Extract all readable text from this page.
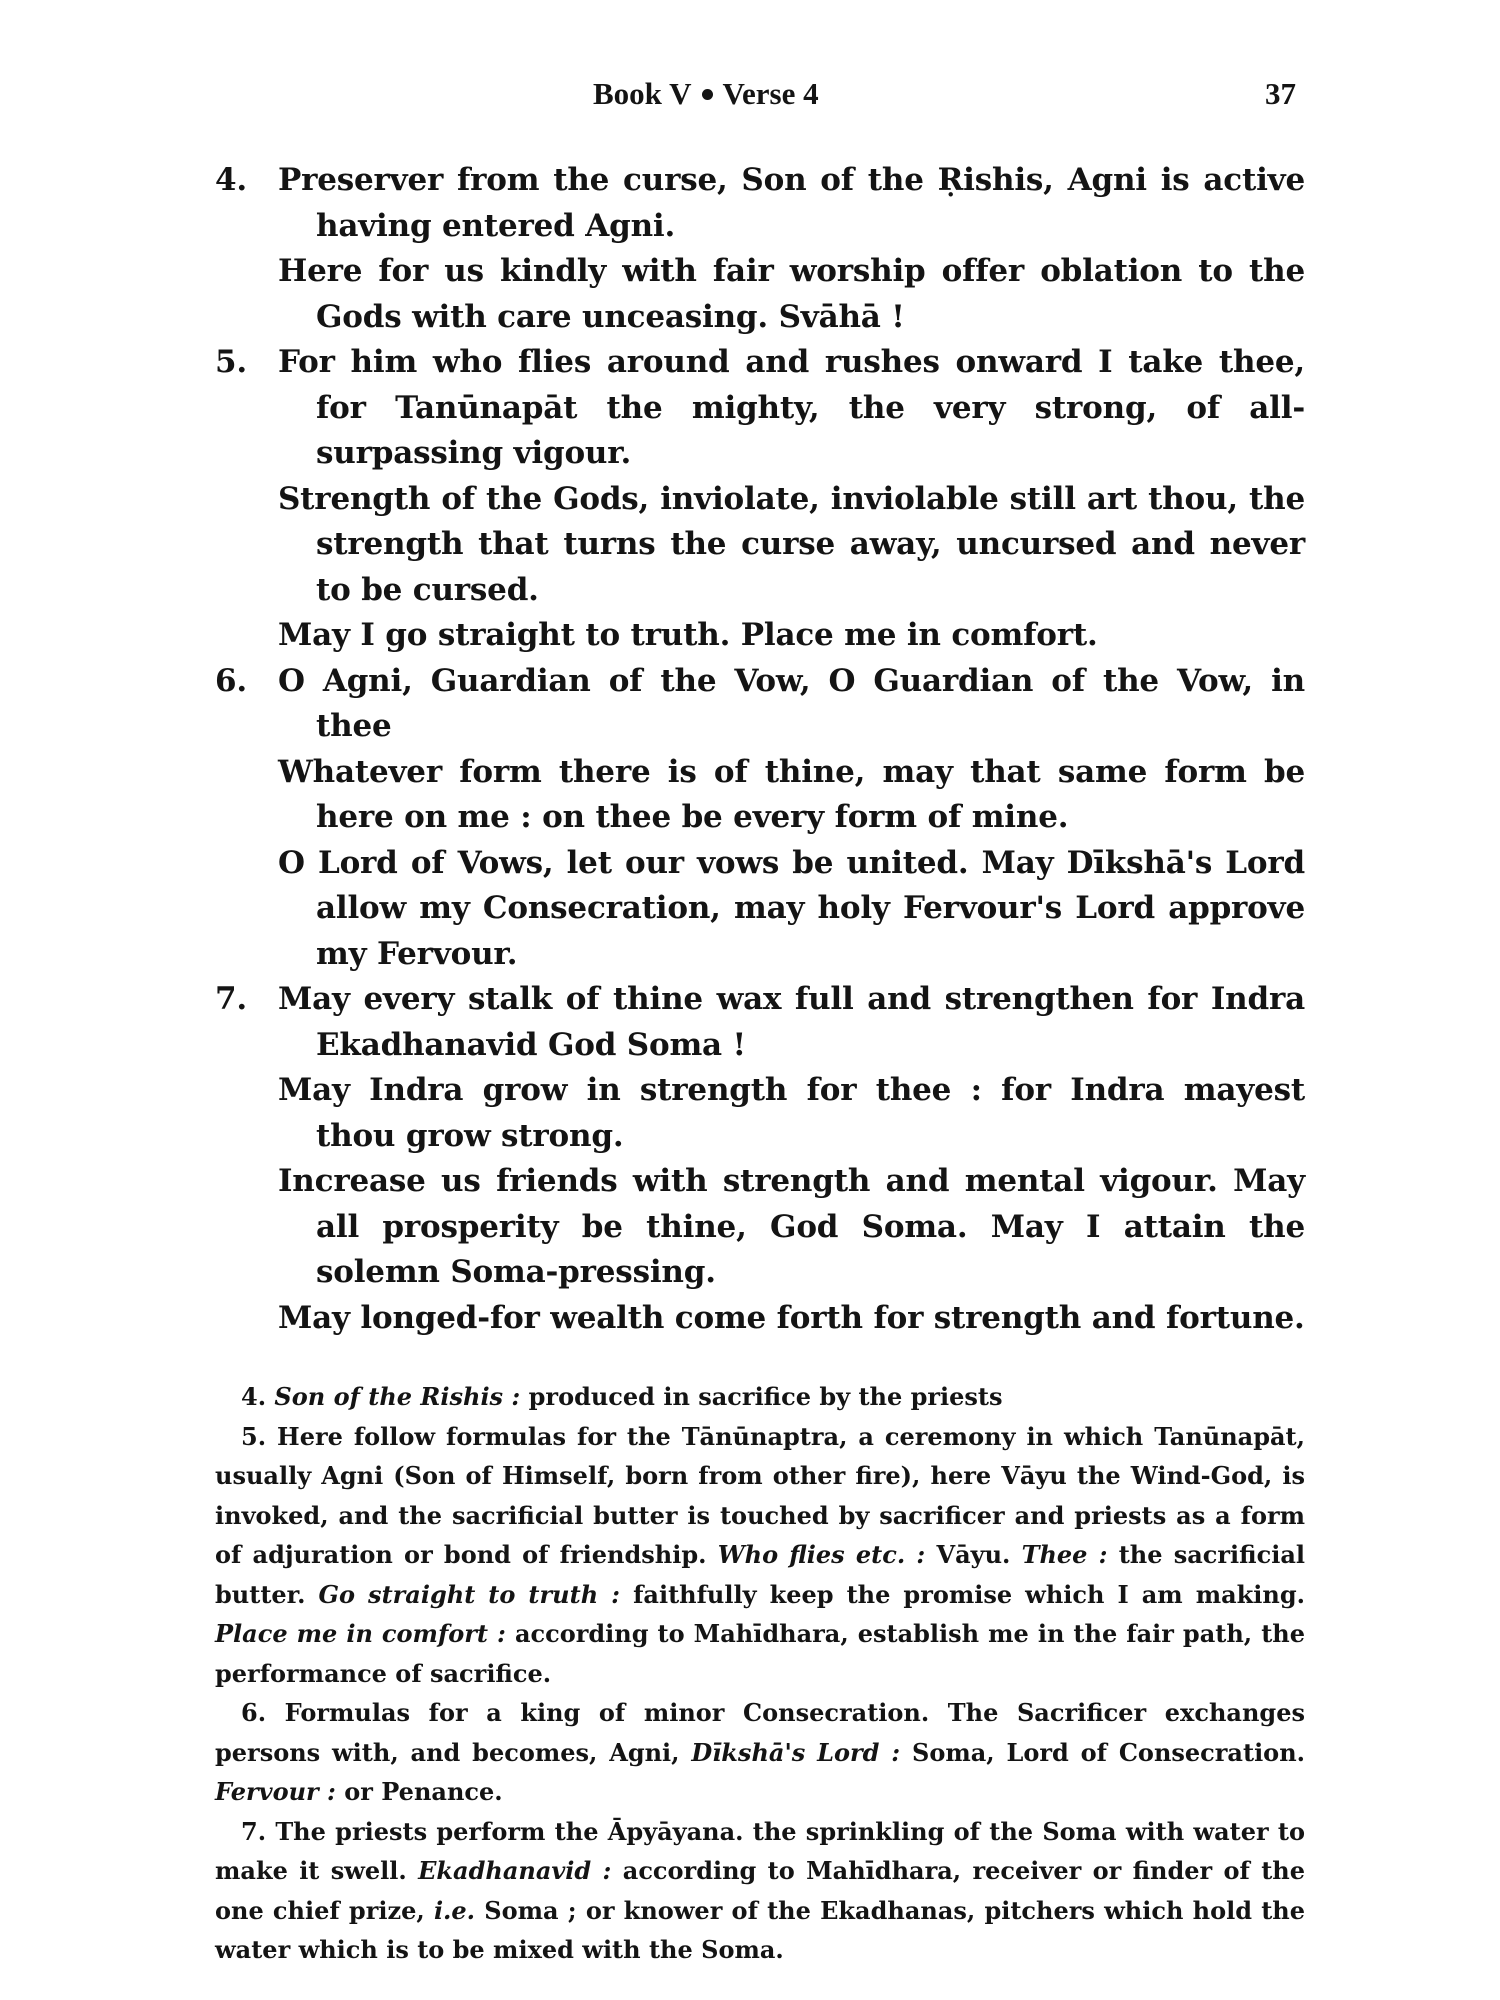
Book V Verse 4	37
4. Preserver from the curse, Son of the Ṛishis, Agni is active having entered Agni.
Here for us kindly with fair worship offer oblation to the Gods with care unceasing. Svāhā !
5. For him who flies around and rushes onward I take thee, for Tanūnapāt the mighty, the very strong, of all-surpassing vigour.
Strength of the Gods, inviolate, inviolable still art thou, the strength that turns the curse away, uncursed and never to be cursed.
May I go straight to truth. Place me in comfort.
6. O Agni, Guardian of the Vow, O Guardian of the Vow, in thee
Whatever form there is of thine, may that same form be here on me : on thee be every form of mine.
O Lord of Vows, let our vows be united. May Dīkshā's Lord allow my Consecration, may holy Fervour's Lord approve my Fervour.
7. May every stalk of thine wax full and strengthen for Indra Ekadhanavid God Soma !
May Indra grow in strength for thee : for Indra mayest thou grow strong.
Increase us friends with strength and mental vigour. May all prosperity be thine, God Soma. May I attain the solemn Soma-pressing.
May longed-for wealth come forth for strength and fortune.

4. Son of the Rishis : produced in sacrifice by the priests

5. Here follow formulas for the Tānūnaptra, a ceremony in which Tanūnapāt, usually Agni (Son of Himself, born from other fire), here Vāyu the Wind-God, is invoked, and the sacrificial butter is touched by sacrificer and priests as a form of adjuration or bond of friendship. Who flies etc. : Vāyu. Thee : the sacrificial butter. Go straight to truth : faithfully keep the promise which I am making. Place me in comfort : according to Mahīdhara, establish me in the fair path, the performance of sacrifice.

6. Formulas for a king of minor Consecration. The Sacrificer exchanges persons with, and becomes, Agni, Dīkshā's Lord : Soma, Lord of Consecration. Fervour : or Penance.

7. The priests perform the Āpyāyana. the sprinkling of the Soma with water to make it swell. Ekadhanavid : according to Mahīdhara, receiver or finder of the one chief prize, i.e. Soma ; or knower of the Ekadhanas, pitchers which hold the water which is to be mixed with the Soma.
